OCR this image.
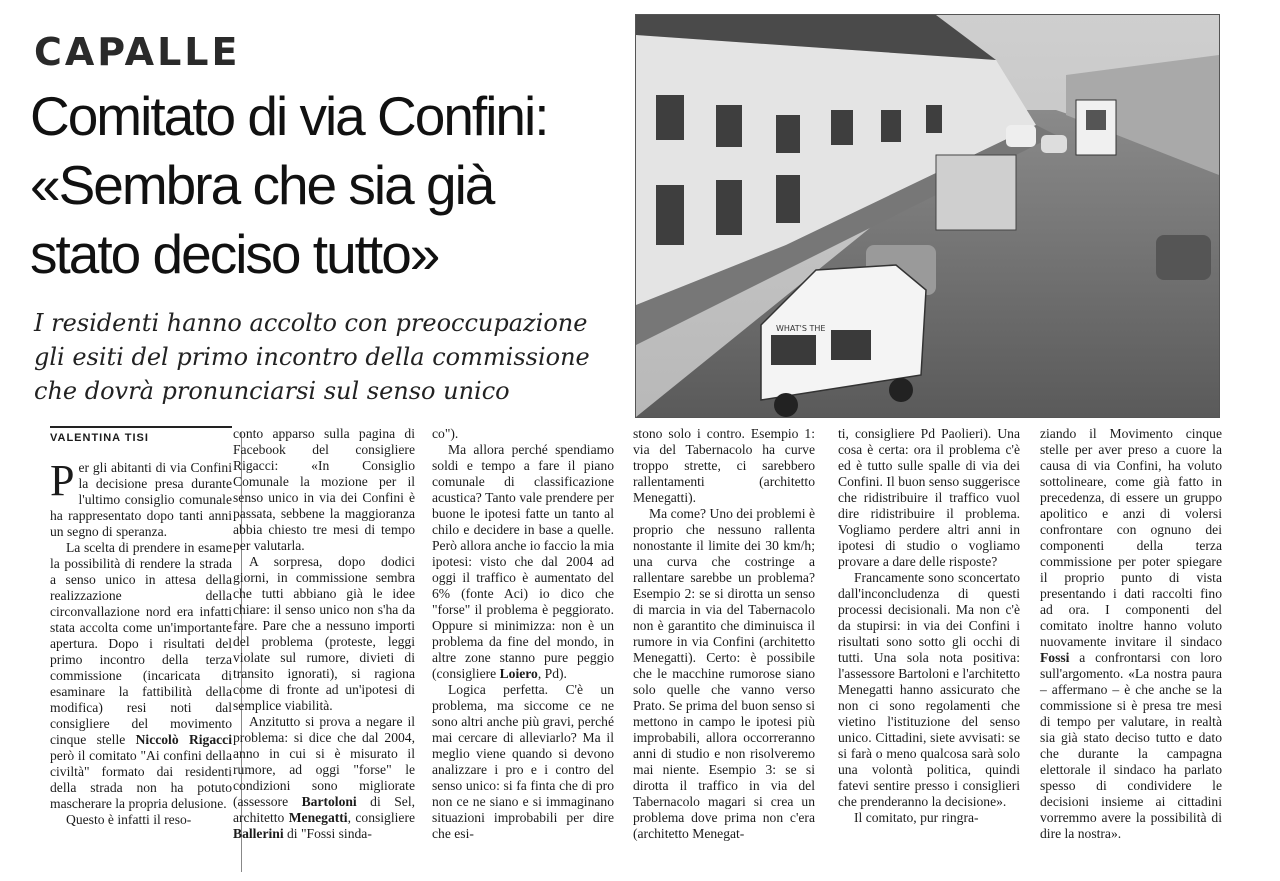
CAPALLE
Comitato di via Confini:
«Sembra che sia già
stato deciso tutto»
I residenti hanno accolto con preoccupazione
gli esiti del primo incontro della commissione
che dovrà pronunciarsi sul senso unico
WHAT'S THE
VALENTINA TISI

Per gli abitanti di via Confini la decisione presa durante l'ultimo consiglio comunale ha rappresentato dopo tanti anni un segno di speranza.

La scelta di prendere in esame la possibilità di rendere la strada a senso unico in attesa della realizzazione della circonvallazione nord era infatti stata accolta come un'importante apertura. Dopo i risultati del primo incontro della terza commissione (incaricata di esaminare la fattibilità della modifica) resi noti dal consigliere del movimento cinque stelle Niccolò Rigacci però il comitato "Ai confini della civiltà" formato dai residenti della strada non ha potuto mascherare la propria delusione.

Questo è infatti il reso-

conto apparso sulla pagina di Facebook del consigliere Rigacci: «In Consiglio Comunale la mozione per il senso unico in via dei Confini è passata, sebbene la maggioranza abbia chiesto tre mesi di tempo per valutarla.

A sorpresa, dopo dodici giorni, in commissione sembra che tutti abbiano già le idee chiare: il senso unico non s'ha da fare. Pare che a nessuno importi del problema (proteste, leggi violate sul rumore, divieti di transito ignorati), si ragiona come di fronte ad un'ipotesi di semplice viabilità.

Anzitutto si prova a negare il problema: si dice che dal 2004, anno in cui si è misurato il rumore, ad oggi "forse" le condizioni sono migliorate (assessore Bartoloni di Sel, architetto Menegatti, consigliere Ballerini di "Fossi sinda-

co").

Ma allora perché spendiamo soldi e tempo a fare il piano comunale di classificazione acustica? Tanto vale prendere per buone le ipotesi fatte un tanto al chilo e decidere in base a quelle. Però allora anche io faccio la mia ipotesi: visto che dal 2004 ad oggi il traffico è aumentato del 6% (fonte Aci) io dico che "forse" il problema è peggiorato. Oppure si minimizza: non è un problema da fine del mondo, in altre zone stanno pure peggio (consigliere Loiero, Pd).

Logica perfetta. C'è un problema, ma siccome ce ne sono altri anche più gravi, perché mai cercare di alleviarlo? Ma il meglio viene quando si devono analizzare i pro e i contro del senso unico: si fa finta che di pro non ce ne siano e si immaginano situazioni improbabili per dire che esi-

stono solo i contro. Esempio 1: via del Tabernacolo ha curve troppo strette, ci sarebbero rallentamenti (architetto Menegatti).

Ma come? Uno dei problemi è proprio che nessuno rallenta nonostante il limite dei 30 km/h; una curva che costringe a rallentare sarebbe un problema? Esempio 2: se si dirotta un senso di marcia in via del Tabernacolo non è garantito che diminuisca il rumore in via Confini (architetto Menegatti). Certo: è possibile che le macchine rumorose siano solo quelle che vanno verso Prato. Se prima del buon senso si mettono in campo le ipotesi più improbabili, allora occorreranno anni di studio e non risolveremo mai niente. Esempio 3: se si dirotta il traffico in via del Tabernacolo magari si crea un problema dove prima non c'era (architetto Menegat-

ti, consigliere Pd Paolieri). Una cosa è certa: ora il problema c'è ed è tutto sulle spalle di via dei Confini. Il buon senso suggerisce che ridistribuire il traffico vuol dire ridistribuire il problema. Vogliamo perdere altri anni in ipotesi di studio o vogliamo provare a dare delle risposte?

Francamente sono sconcertato dall'inconcludenza di questi processi decisionali. Ma non c'è da stupirsi: in via dei Confini i risultati sono sotto gli occhi di tutti. Una sola nota positiva: l'assessore Bartoloni e l'architetto Menegatti hanno assicurato che non ci sono regolamenti che vietino l'istituzione del senso unico. Cittadini, siete avvisati: se si farà o meno qualcosa sarà solo una volontà politica, quindi fatevi sentire presso i consiglieri che prenderanno la decisione».

Il comitato, pur ringra-

ziando il Movimento cinque stelle per aver preso a cuore la causa di via Confini, ha voluto sottolineare, come già fatto in precedenza, di essere un gruppo apolitico e anzi di volersi confrontare con ognuno dei componenti della terza commissione per poter spiegare il proprio punto di vista presentando i dati raccolti fino ad ora. I componenti del comitato inoltre hanno voluto nuovamente invitare il sindaco Fossi a confrontarsi con loro sull'argomento. «La nostra paura – affermano – è che anche se la commissione si è presa tre mesi di tempo per valutare, in realtà sia già stato deciso tutto e dato che durante la campagna elettorale il sindaco ha parlato spesso di condividere le decisioni insieme ai cittadini vorremmo avere la possibilità di dire la nostra».
